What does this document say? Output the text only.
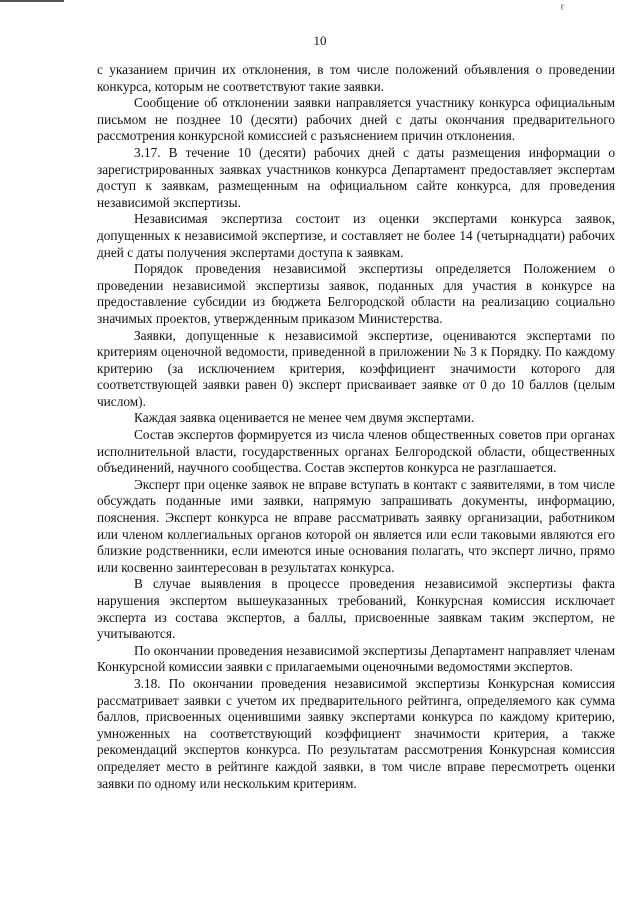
ℓ
10

с указанием причин их отклонения, в том числе положений объявления о проведении конкурса, которым не соответствуют такие заявки.

Сообщение об отклонении заявки направляется участнику конкурса официальным письмом не позднее 10 (десяти) рабочих дней с даты окончания предварительного рассмотрения конкурсной комиссией с разъяснением причин отклонения.

3.17. В течение 10 (десяти) рабочих дней с даты размещения информации о зарегистрированных заявках участников конкурса Департамент предоставляет экспертам доступ к заявкам, размещенным на официальном сайте конкурса, для проведения независимой экспертизы.

Независимая экспертиза состоит из оценки экспертами конкурса заявок, допущенных к независимой экспертизе, и составляет не более 14 (четырнадцати) рабочих дней с даты получения экспертами доступа к заявкам.

Порядок проведения независимой экспертизы определяется Положением о проведении независимой экспертизы заявок, поданных для участия в конкурсе на предоставление субсидии из бюджета Белгородской области на реализацию социально значимых проектов, утвержденным приказом Министерства.

Заявки, допущенные к независимой экспертизе, оцениваются экспертами по критериям оценочной ведомости, приведенной в приложении № 3 к Порядку. По каждому критерию (за исключением критерия, коэффициент значимости которого для соответствующей заявки равен 0) эксперт присваивает заявке от 0 до 10 баллов (целым числом).

Каждая заявка оценивается не менее чем двумя экспертами.

Состав экспертов формируется из числа членов общественных советов при органах исполнительной власти, государственных органах Белгородской области, общественных объединений, научного сообщества. Состав экспертов конкурса не разглашается.

Эксперт при оценке заявок не вправе вступать в контакт с заявителями, в том числе обсуждать поданные ими заявки, напрямую запрашивать документы, информацию, пояснения. Эксперт конкурса не вправе рассматривать заявку организации, работником или членом коллегиальных органов которой он является или если таковыми являются его близкие родственники, если имеются иные основания полагать, что эксперт лично, прямо или косвенно заинтересован в результатах конкурса.

В случае выявления в процессе проведения независимой экспертизы факта нарушения экспертом вышеуказанных требований, Конкурсная комиссия исключает эксперта из состава экспертов, а баллы, присвоенные заявкам таким экспертом, не учитываются.

По окончании проведения независимой экспертизы Департамент направляет членам Конкурсной комиссии заявки с прилагаемыми оценочными ведомостями экспертов.

3.18. По окончании проведения независимой экспертизы Конкурсная комиссия рассматривает заявки с учетом их предварительного рейтинга, определяемого как сумма баллов, присвоенных оценившими заявку экспертами конкурса по каждому критерию, умноженных на соответствующий коэффициент значимости критерия, а также рекомендаций экспертов конкурса. По результатам рассмотрения Конкурсная комиссия определяет место в рейтинге каждой заявки, в том числе вправе пересмотреть оценки заявки по одному или нескольким критериям.
